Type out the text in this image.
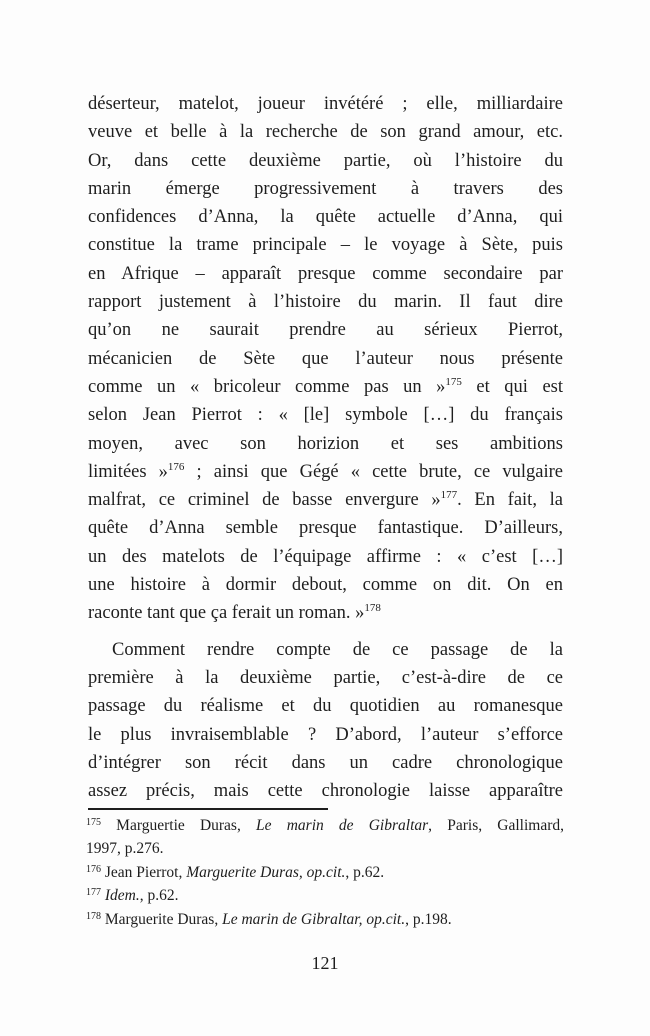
déserteur, matelot, joueur invétéré ; elle, milliardaire
veuve et belle à la recherche de son grand amour, etc.
Or, dans cette deuxième partie, où l’histoire du
marin émerge progressivement à travers des
confidences d’Anna, la quête actuelle d’Anna, qui
constitue la trame principale – le voyage à Sète, puis
en Afrique – apparaît presque comme secondaire par
rapport justement à l’histoire du marin. Il faut dire
qu’on ne saurait prendre au sérieux Pierrot,
mécanicien de Sète que l’auteur nous présente
comme un « bricoleur comme pas un »$^{175}$ et qui est
selon Jean Pierrot : « [le] symbole […] du français
moyen, avec son horizion et ses ambitions
limitées »$^{176}$ ; ainsi que Gégé « cette brute, ce vulgaire
malfrat, ce criminel de basse envergure »$^{177}$. En fait, la
quête d’Anna semble presque fantastique. D’ailleurs,
un des matelots de l’équipage affirme : « c’est […]
une histoire à dormir debout, comme on dit. On en
raconte tant que ça ferait un roman. »$^{178}$
Comment rendre compte de ce passage de la
première à la deuxième partie, c’est-à-dire de ce
passage du réalisme et du quotidien au romanesque
le plus invraisemblable ? D’abord, l’auteur s’efforce
d’intégrer son récit dans un cadre chronologique
assez précis, mais cette chronologie laisse apparaître
$^{175}$ Marguertie Duras, Le marin de Gibraltar, Paris, Gallimard,
1997, p.276.
$^{176}$ Jean Pierrot, Marguerite Duras, op.cit., p.62.
$^{177}$ Idem., p.62.
$^{178}$ Marguerite Duras, Le marin de Gibraltar, op.cit., p.198.
121
